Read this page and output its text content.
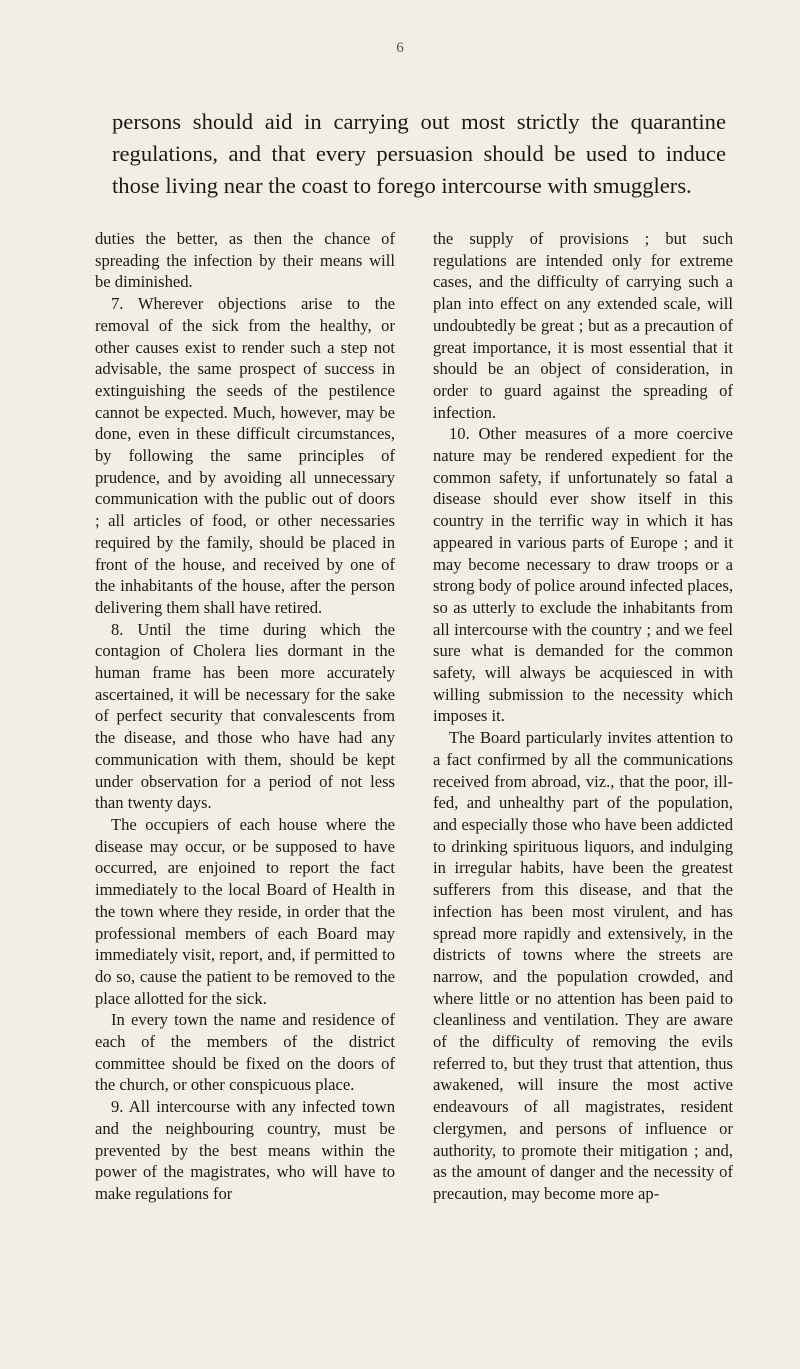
6

persons should aid in carrying out most strictly the quarantine regulations, and that every persuasion should be used to induce those living near the coast to forego intercourse with smugglers.

duties the better, as then the chance of spreading the infection by their means will be diminished.

7. Wherever objections arise to the removal of the sick from the healthy, or other causes exist to render such a step not advisable, the same prospect of success in extinguishing the seeds of the pestilence cannot be expected. Much, however, may be done, even in these difficult circumstances, by following the same principles of prudence, and by avoiding all unnecessary communication with the public out of doors ; all articles of food, or other necessaries required by the family, should be placed in front of the house, and received by one of the inhabitants of the house, after the person delivering them shall have retired.

8. Until the time during which the contagion of Cholera lies dormant in the human frame has been more accurately ascertained, it will be necessary for the sake of perfect security that convalescents from the disease, and those who have had any communication with them, should be kept under observation for a period of not less than twenty days.

The occupiers of each house where the disease may occur, or be supposed to have occurred, are enjoined to report the fact immediately to the local Board of Health in the town where they reside, in order that the professional members of each Board may immediately visit, report, and, if permitted to do so, cause the patient to be removed to the place allotted for the sick.

In every town the name and residence of each of the members of the district committee should be fixed on the doors of the church, or other conspicuous place.

9. All intercourse with any infected town and the neighbouring country, must be prevented by the best means within the power of the magistrates, who will have to make regulations for

the supply of provisions ; but such regulations are intended only for extreme cases, and the difficulty of carrying such a plan into effect on any extended scale, will undoubtedly be great ; but as a precaution of great importance, it is most essential that it should be an object of consideration, in order to guard against the spreading of infection.

10. Other measures of a more coercive nature may be rendered expedient for the common safety, if unfortunately so fatal a disease should ever show itself in this country in the terrific way in which it has appeared in various parts of Europe ; and it may become necessary to draw troops or a strong body of police around infected places, so as utterly to exclude the inhabitants from all intercourse with the country ; and we feel sure what is demanded for the common safety, will always be acquiesced in with willing submission to the necessity which imposes it.

The Board particularly invites attention to a fact confirmed by all the communications received from abroad, viz., that the poor, ill-fed, and unhealthy part of the population, and especially those who have been addicted to drinking spirituous liquors, and indulging in irregular habits, have been the greatest sufferers from this disease, and that the infection has been most virulent, and has spread more rapidly and extensively, in the districts of towns where the streets are narrow, and the population crowded, and where little or no attention has been paid to cleanliness and ventilation. They are aware of the difficulty of removing the evils referred to, but they trust that attention, thus awakened, will insure the most active endeavours of all magistrates, resident clergymen, and persons of influence or authority, to promote their mitigation ; and, as the amount of danger and the necessity of precaution, may become more ap-
